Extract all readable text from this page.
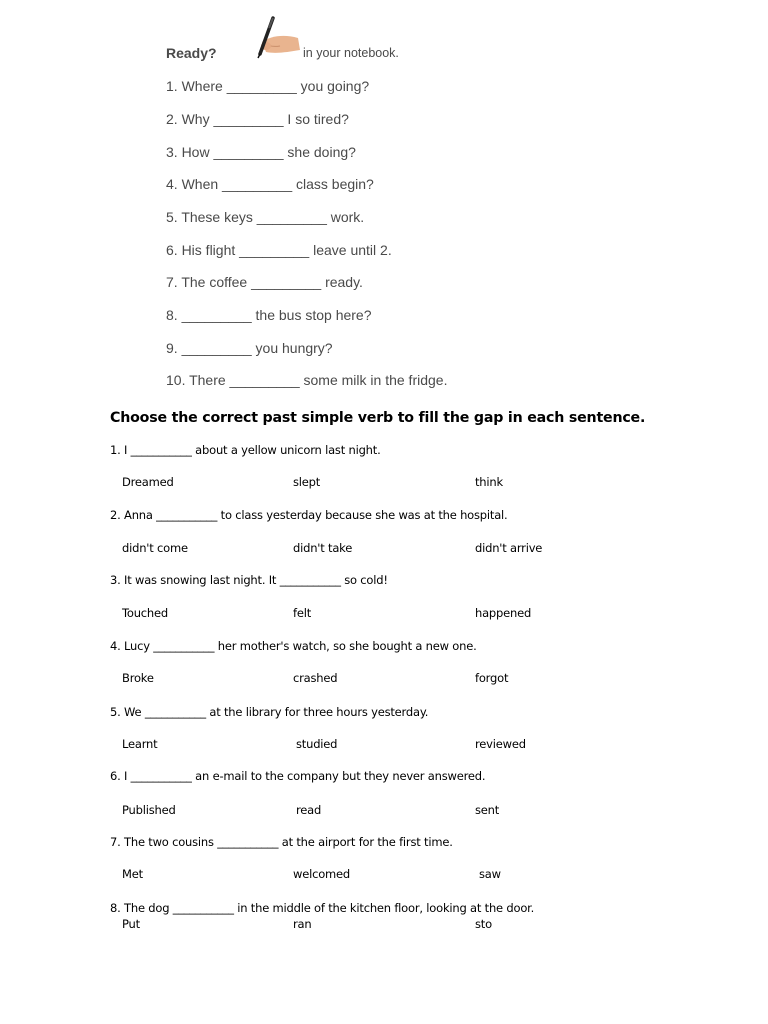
Ready?	in your notebook.
1. Where _________ you going?
2. Why _________ I so tired?
3. How _________ she doing?
4. When _________ class begin?
5. These keys _________ work.
6. His flight _________ leave until 2.
7. The coffee _________ ready.
8. _________ the bus stop here?
9. _________ you hungry?
10. There _________ some milk in the fridge.
Choose the correct past simple verb to fill the gap in each sentence.
1. I ___________ about a yellow unicorn last night.
Dreamed	slept	think
2. Anna ___________ to class yesterday because she was at the hospital.
didn't come	didn't take	didn't arrive
3. It was snowing last night. It ___________ so cold!
Touched	felt	happened
4. Lucy ___________ her mother's watch, so she bought a new one.
Broke	crashed	forgot
5. We ___________ at the library for three hours yesterday.
Learnt	studied	reviewed
6. I ___________ an e-mail to the company but they never answered.
Published	read	sent
7. The two cousins ___________ at the airport for the first time.
Met	welcomed	saw
8. The dog ___________ in the middle of the kitchen floor, looking at the door.
Put	ran	sto
